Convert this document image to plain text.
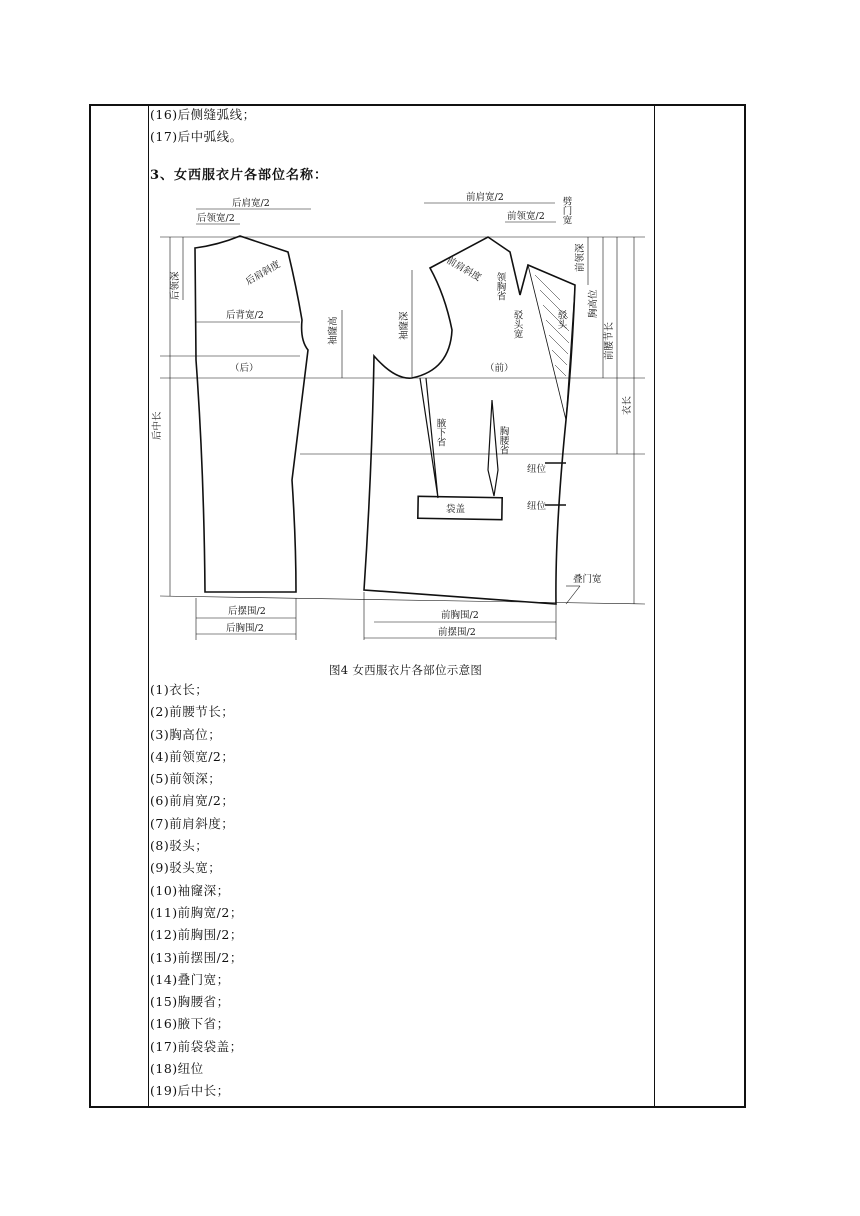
(16)后侧缝弧线；
(17)后中弧线。
3、女西服衣片各部位名称：
后肩宽/2
后领宽/2
后领深	后肩斜度
后背宽/2
后中长
（后）
袖窿高	袖窿深
前肩宽/2
前领宽/2
前领深
前肩斜度
胸高位
前腰节长
衣长
（前）
纽位
纽位
袋盖
叠门宽
后摆围/2
后胸围/2
前胸围/2
前摆围/2
劈门宽
领胸省
驳头宽	驳头
腋下省	胸腰省
图4 女西服衣片各部位示意图
(1)衣长；
(2)前腰节长；
(3)胸高位；
(4)前领宽/2；
(5)前领深；
(6)前肩宽/2；
(7)前肩斜度；
(8)驳头；
(9)驳头宽；
(10)袖窿深；
(11)前胸宽/2；
(12)前胸围/2；
(13)前摆围/2；
(14)叠门宽；
(15)胸腰省；
(16)腋下省；
(17)前袋袋盖；
(18)纽位
(19)后中长；
